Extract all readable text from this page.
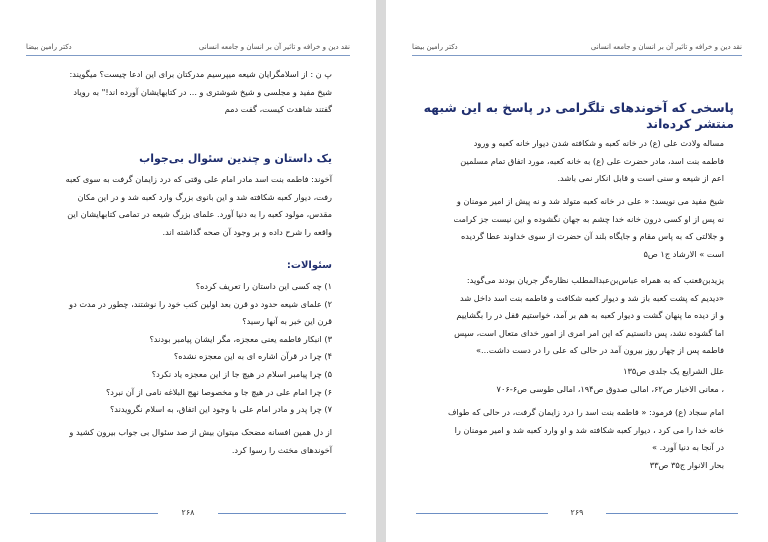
نقد دین و خرافه و تاثیر آن بر انسان و جامعه انسانی
دکتر رامین بیضا

پ ن : از اسلامگرایان شیعه میپرسیم مدرکتان برای این ادعا چیست؟ میگویند:

شیخ مفید و مجلسی و شیخ شوشتری و ... در کتابهایشان آورده اند!" به رویاد

گفتند شاهدت کیست، گفت دمم

یک داستان و چندین سئوال بی‌جواب

آخوند: فاطمه بنت اسد مادر امام علی وقتی که درد زایمان گرفت به سوی کعبه

رفت، دیوار کعبه شکافته شد و این بانوی بزرگ وارد کعبه شد و در این مکان

مقدس، مولود کعبه را به دنیا آورد. علمای بزرگ شیعه در تمامی کتابهایشان این

واقعه را شرح داده و بر وجود آن صحه گذاشته اند.

سئوالات:

۱) چه کسی این داستان را تعریف کرده؟

۲) علمای شیعه حدود دو قرن بعد اولین کتب خود را نوشتند، چطور در مدت دو

قرن این خبر به آنها رسید؟

۳) انبکار فاطمه یعنی معجزه، مگر ایشان پیامبر بودند؟

۴) چرا در قرآن اشاره ای به این معجزه نشده؟

۵) چرا پیامبر اسلام در هیچ جا از این معجزه یاد نکرد؟

۶) چرا امام علی در هیچ جا و مخصوصا نهج البلاغه نامی از آن نبرد؟

۷) چرا پدر و مادر امام علی با وجود این اتفاق، به اسلام نگرویدند؟

از دل همین افسانه مضحک میتوان بیش از صد سئوال بی جواب بیرون کشید و

آخوندهای مختث را رسوا کرد.

۲۶۸
نقد دین و خرافه و تاثیر آن بر انسان و جامعه انسانی
دکتر رامین بیضا
پاسخی که آخوندهای تلگرامی در پاسخ به این شبهه منتشر کرده‌اند

مساله ولادت علی (ع) در خانه کعبه و شکافته شدن دیوار خانه کعبه و ورود

فاطمه بنت اسد، مادر حضرت علی (ع) به خانه کعبه، مورد اتفاق تمام مسلمین

اعم از شیعه و سنی است و قابل انکار نمی باشد.

شیخ مفید می نویسد: « علی در خانه کعبه متولد شد و نه پیش از امیر مومنان و

نه پس از او کسی درون خانه خدا چشم به جهان نگشوده و این نیست جز کرامت

و جلالتی که به پاس مقام و جایگاه بلند آن حضرت از سوی خداوند عطا گردیده

است » الارشاد ج۱ ص۵

یزیدبن‌قعنب که به همراه عباس‌بن‌عبدالمطلب نظاره‌گر جریان بودند می‌گوید:

«دیدیم که پشت کعبه باز شد و دیوار کعبه شکافت و فاطمه بنت اسد داخل شد

و از دیده ما پنهان گشت و دیوار کعبه به هم بر آمد، خواستیم قفل در را بگشاییم

اما گشوده نشد، پس دانستیم که این امر امری از امور خدای متعال است، سپس

فاطمه پس از چهار روز بیرون آمد در حالی که علی را در دست داشت...»

علل الشرایع یک جلدی ص۱۳۵

، معانی الاخبار ص۶۲، امالی صدوق ص۱۹۴، امالی طوسی ص۶-۷۰۶

امام سجاد (ع) فرمود: « فاطمه بنت اسد را درد زایمان گرفت، در حالی که طواف

خانه خدا را می کرد ، دیوار کعبه شکافته شد و او وارد کعبه شد و امیر مومنان را

در آنجا به دنیا آورد. »

بحار الانوار ج۳۵ ص۳۳

۲۶۹
